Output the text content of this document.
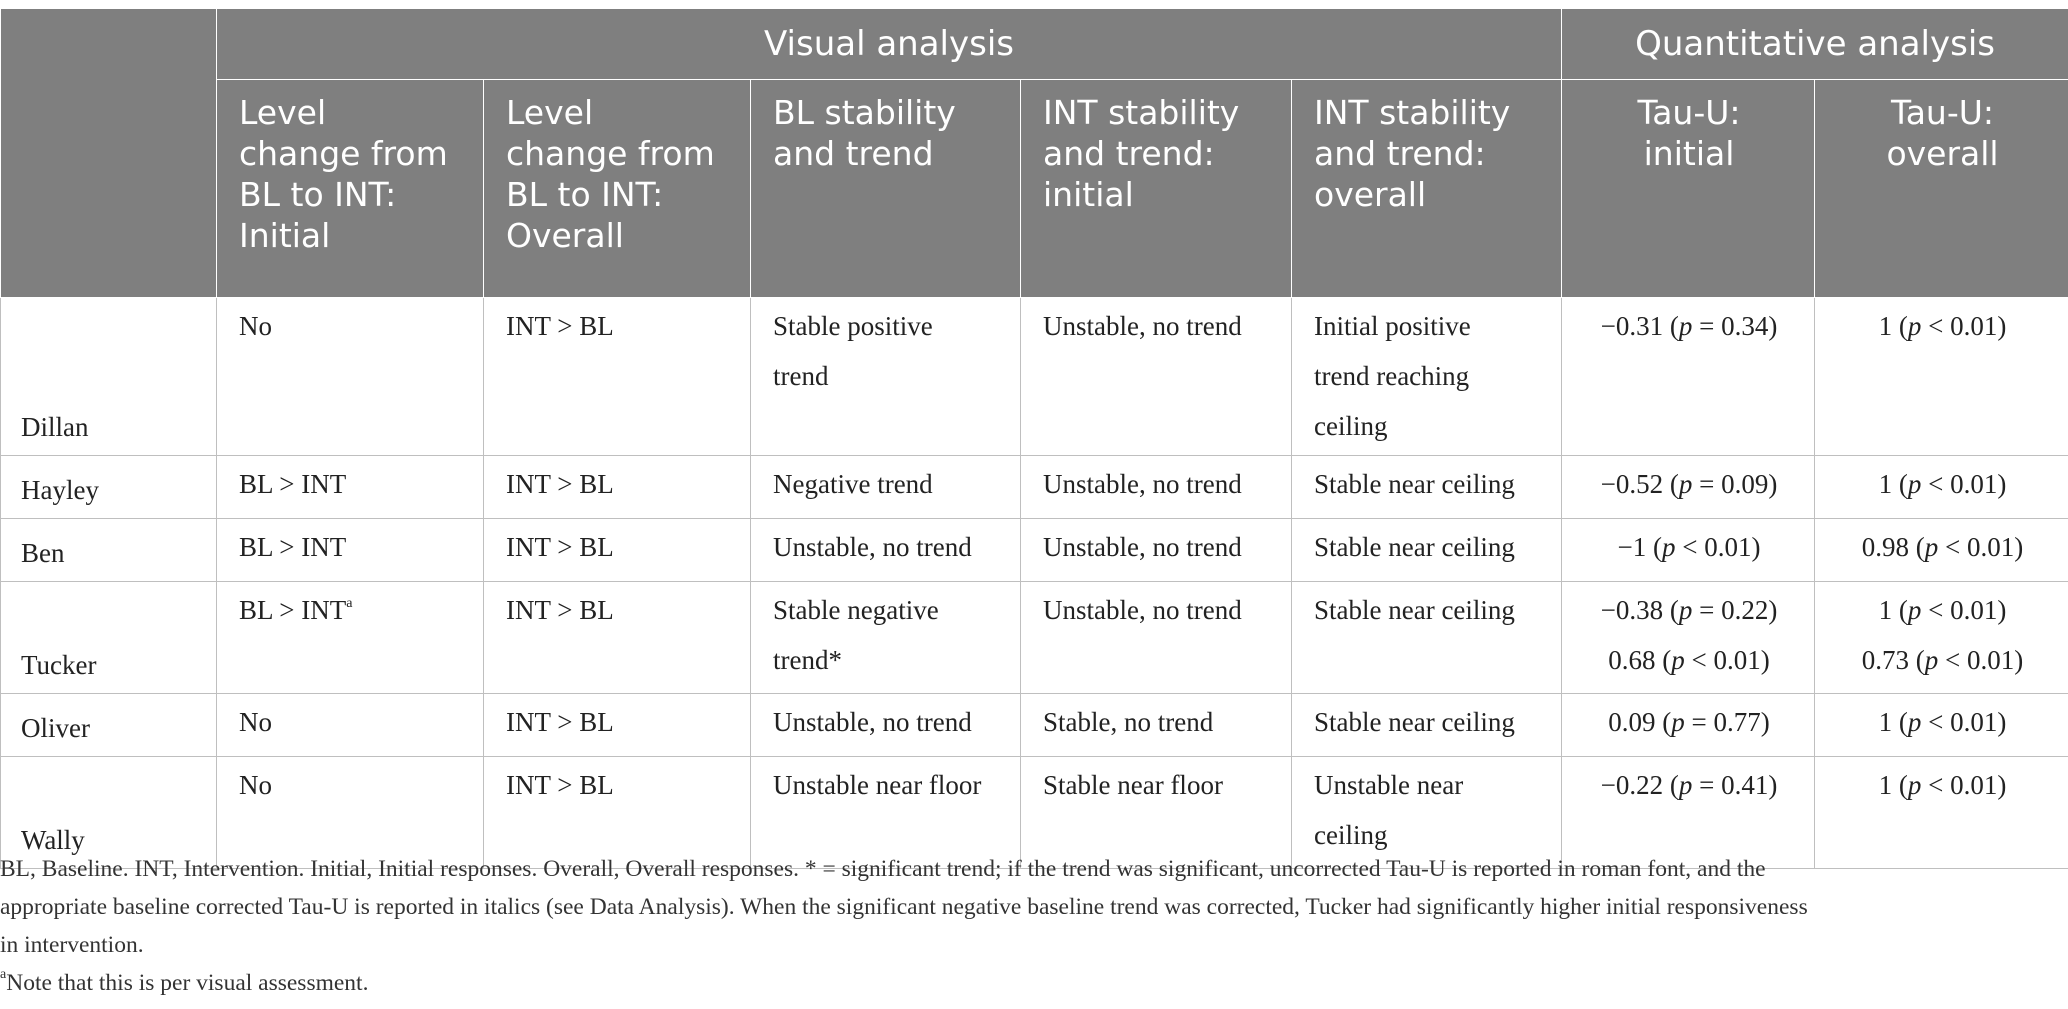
	Visual analysis					Quantitative analysis	

	Level
change from
BL to INT:
Initial	Level
change from
BL to INT:
Overall	BL stability
and trend	INT stability
and trend:
initial	INT stability
and trend:
overall	Tau-U:
initial	Tau-U:
overall

Dillan	No	INT > BL	Stable positive
trend	Unstable, no trend	Initial positive
trend reaching
ceiling	−0.31 (p = 0.34)	1 (p < 0.01)

Hayley	BL > INT	INT > BL	Negative trend	Unstable, no trend	Stable near ceiling	−0.52 (p = 0.09)	1 (p < 0.01)

Ben	BL > INT	INT > BL	Unstable, no trend	Unstable, no trend	Stable near ceiling	−1 (p < 0.01)	0.98 (p < 0.01)

Tucker	BL > $INT^a$	INT > BL	Stable negative
trend*	Unstable, no trend	Stable near ceiling	−0.38 (p = 0.22)
0.68 (p < 0.01)	1 (p < 0.01)
0.73 (p < 0.01)

Oliver	No	INT > BL	Unstable, no trend	Stable, no trend	Stable near ceiling	0.09 (p = 0.77)	1 (p < 0.01)

Wally	No	INT > BL	Unstable near floor	Stable near floor	Unstable near
ceiling	−0.22 (p = 0.41)	1 (p < 0.01)
BL, Baseline. INT, Intervention. Initial, Initial responses. Overall, Overall responses. * = significant trend; if the trend was significant, uncorrected Tau-U is reported in roman font, and the
appropriate baseline corrected Tau-U is reported in italics (see Data Analysis). When the significant negative baseline trend was corrected, Tucker had significantly higher initial responsiveness
in intervention.
$^a$Note that this is per visual assessment.
